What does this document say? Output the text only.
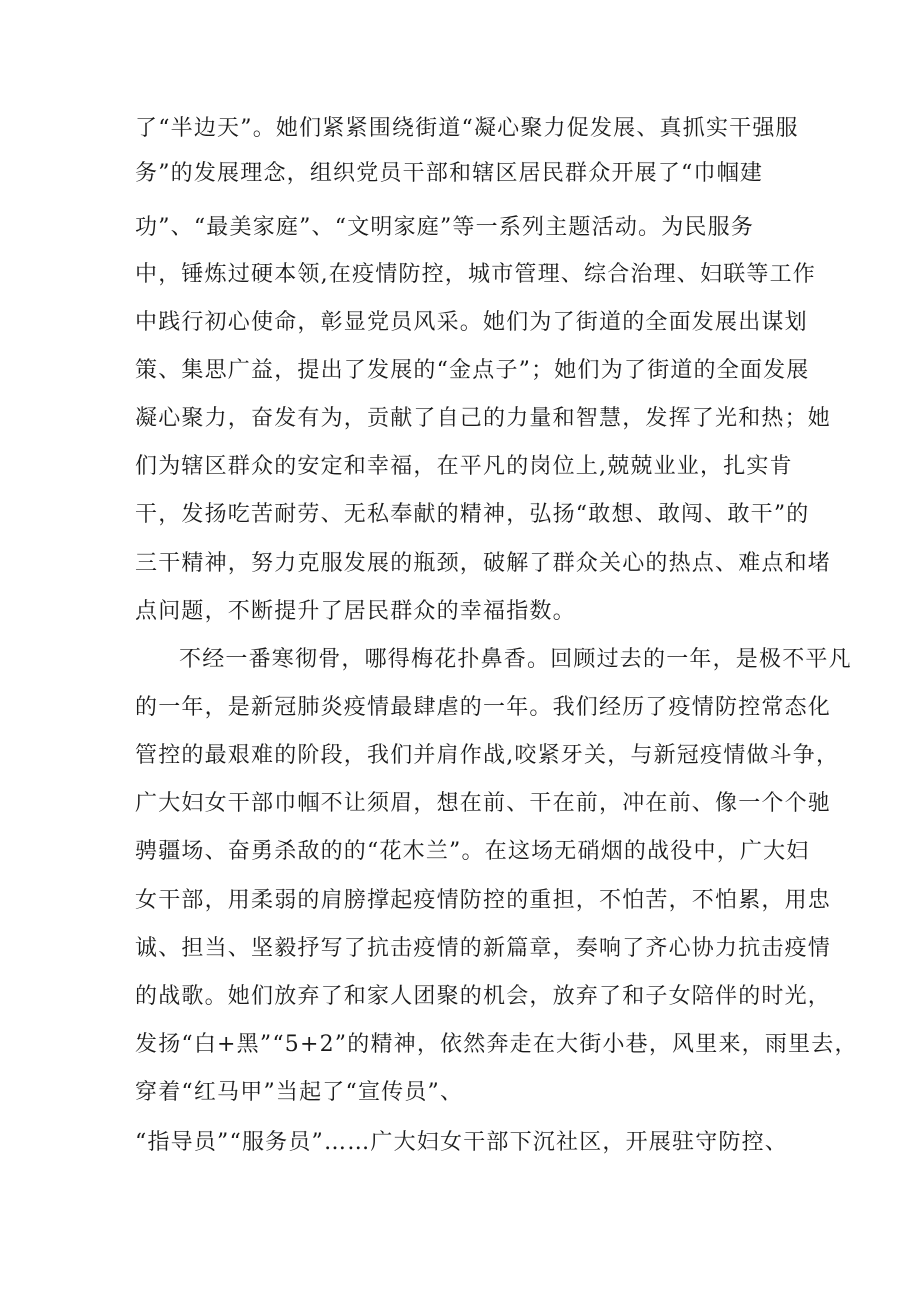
了“半边天”。她们紧紧围绕街道“凝心聚力促发展、真抓实干强服
务”的发展理念，组织党员干部和辖区居民群众开展了“巾帼建
功”、“最美家庭”、“文明家庭”等一系列主题活动。为民服务
中，锤炼过硬本领,在疫情防控，城市管理、综合治理、妇联等工作
中践行初心使命，彰显党员风采。她们为了街道的全面发展出谋划
策、集思广益，提出了发展的“金点子”；她们为了街道的全面发展
凝心聚力，奋发有为，贡献了自己的力量和智慧，发挥了光和热；她
们为辖区群众的安定和幸福，在平凡的岗位上,兢兢业业，扎实肯
干，发扬吃苦耐劳、无私奉献的精神，弘扬“敢想、敢闯、敢干”的
三干精神，努力克服发展的瓶颈，破解了群众关心的热点、难点和堵
点问题，不断提升了居民群众的幸福指数。
不经一番寒彻骨，哪得梅花扑鼻香。回顾过去的一年，是极不平凡
的一年，是新冠肺炎疫情最肆虐的一年。我们经历了疫情防控常态化
管控的最艰难的阶段，我们并肩作战,咬紧牙关，与新冠疫情做斗争，
广大妇女干部巾帼不让须眉，想在前、干在前，冲在前、像一个个驰
骋疆场、奋勇杀敌的的“花木兰”。在这场无硝烟的战役中，广大妇
女干部，用柔弱的肩膀撑起疫情防控的重担，不怕苦，不怕累，用忠
诚、担当、坚毅抒写了抗击疫情的新篇章，奏响了齐心协力抗击疫情
的战歌。她们放弃了和家人团聚的机会，放弃了和子女陪伴的时光，
发扬“白+黑”“5+2”的精神，依然奔走在大街小巷，风里来，雨里去，
穿着“红马甲”当起了“宣传员”、
“指导员”“服务员”……广大妇女干部下沉社区，开展驻守防控、
